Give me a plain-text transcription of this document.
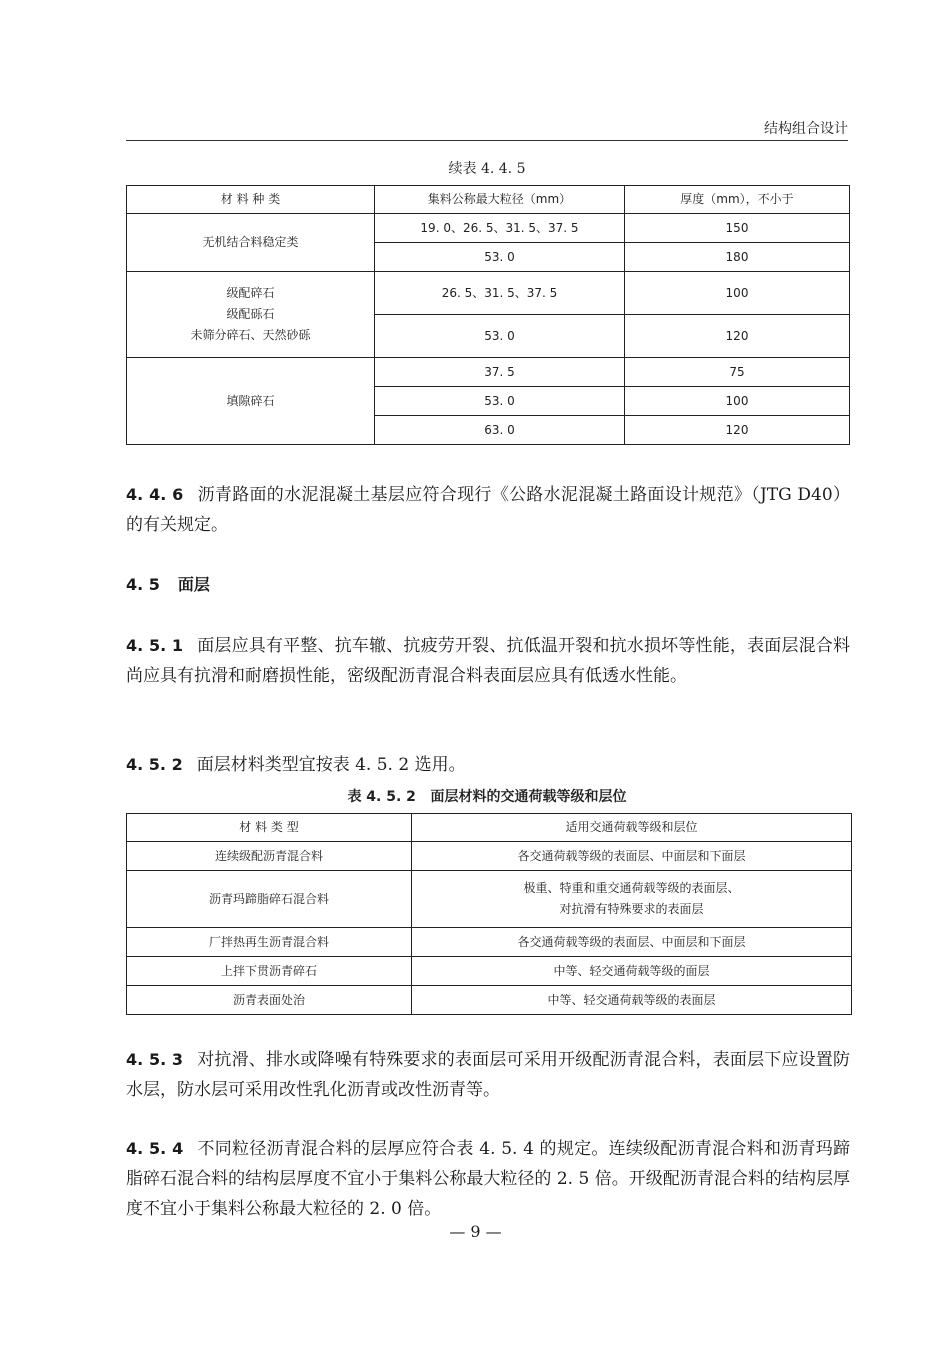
结构组合设计
续表 4. 4. 5
材 料 种 类	集料公称最大粒径（mm）	厚度（mm），不小于
无机结合料稳定类	19. 0、26. 5、31. 5、37. 5	150
	53. 0	180

级配碎石
级配砾石
未筛分碎石、天然砂砾	26. 5、31. 5、37. 5	100
	53. 0	120
填隙碎石	37. 5	75
	53. 0	100
	63. 0	120
4. 4. 6 沥青路面的水泥混凝土基层应符合现行《公路水泥混凝土路面设计规范》（JTG D40）的有关规定。
4. 5 面层
4. 5. 1 面层应具有平整、抗车辙、抗疲劳开裂、抗低温开裂和抗水损坏等性能，表面层混合料尚应具有抗滑和耐磨损性能，密级配沥青混合料表面层应具有低透水性能。
4. 5. 2 面层材料类型宜按表 4. 5. 2 选用。
表 4. 5. 2 面层材料的交通荷载等级和层位
材 料 类 型	适用交通荷载等级和层位
连续级配沥青混合料	各交通荷载等级的表面层、中面层和下面层
沥青玛蹄脂碎石混合料	极重、特重和重交通荷载等级的表面层、
对抗滑有特殊要求的表面层

厂拌热再生沥青混合料	各交通荷载等级的表面层、中面层和下面层
上拌下贯沥青碎石	中等、轻交通荷载等级的面层
沥青表面处治	中等、轻交通荷载等级的表面层
4. 5. 3 对抗滑、排水或降噪有特殊要求的表面层可采用开级配沥青混合料，表面层下应设置防水层，防水层可采用改性乳化沥青或改性沥青等。
4. 5. 4 不同粒径沥青混合料的层厚应符合表 4. 5. 4 的规定。连续级配沥青混合料和沥青玛蹄脂碎石混合料的结构层厚度不宜小于集料公称最大粒径的 2. 5 倍。开级配沥青混合料的结构层厚度不宜小于集料公称最大粒径的 2. 0 倍。
— 9 —
